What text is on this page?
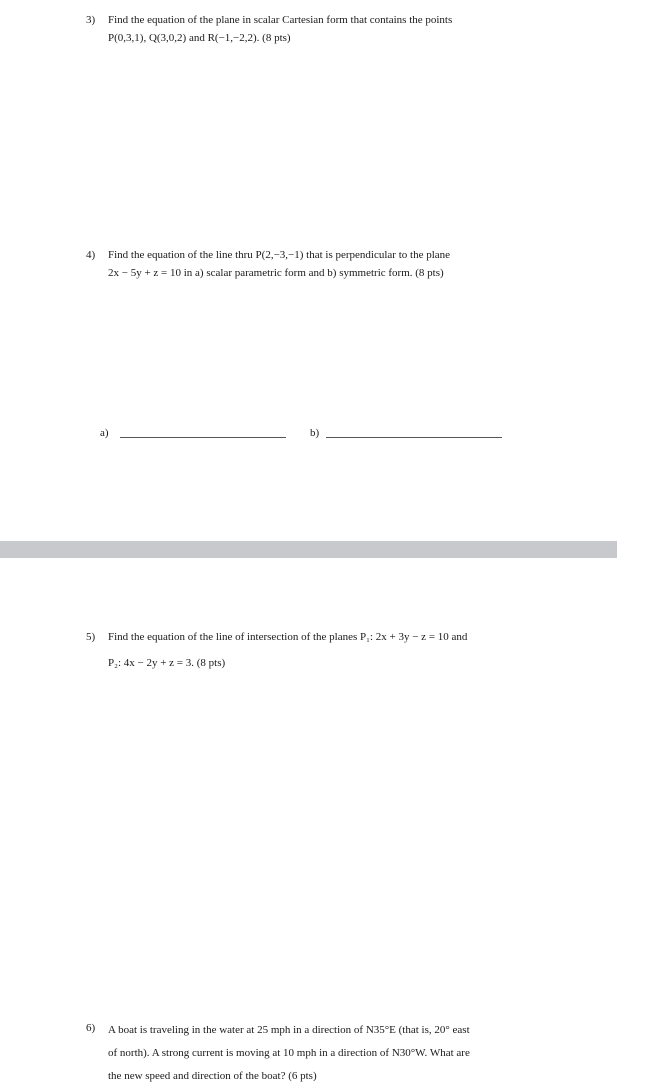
3) Find the equation of the plane in scalar Cartesian form that contains the points
P(0,3,1), Q(3,0,2) and R(−1,−2,2). (8 pts)
4) Find the equation of the line thru P(2,−3,−1) that is perpendicular to the plane
2x − 5y + z = 10 in a) scalar parametric form and b) symmetric form. (8 pts)
a)	b)
5) Find the equation of the line of intersection of the planes P₁: 2x + 3y − z = 10 and
P₂: 4x − 2y + z = 3. (8 pts)
6) A boat is traveling in the water at 25 mph in a direction of N35°E (that is, 20° east
of north). A strong current is moving at 10 mph in a direction of N30°W. What are
the new speed and direction of the boat? (6 pts)
